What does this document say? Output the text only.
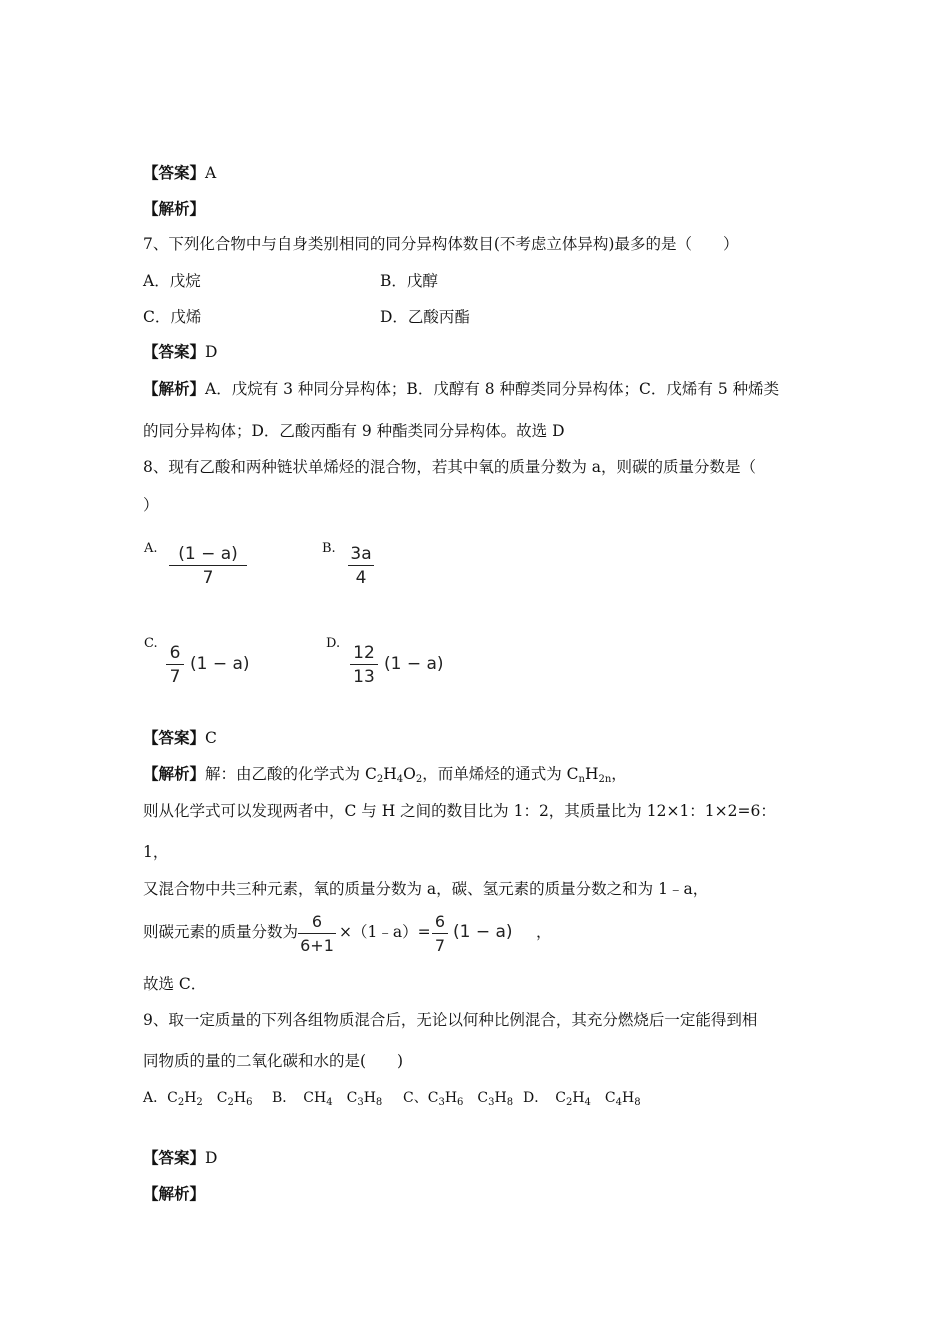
【答案】A
【解析】
7、下列化合物中与自身类别相同的同分异构体数目(不考虑立体异构)最多的是（　　）
A．戊烷	B．戊醇
C．戊烯	D．乙酸丙酯
【答案】D
【解析】A．戊烷有 3 种同分异构体；B．戊醇有 8 种醇类同分异构体；C．戊烯有 5 种烯类
的同分异构体；D．乙酸丙酯有 9 种酯类同分异构体。故选 D
8、现有乙酸和两种链状单烯烃的混合物，若其中氧的质量分数为 a，则碳的质量分数是（
）
A.	(1 − a)
7
B. 3a
4
C. 6
7
(1 − a)
D. 12
13
(1 − a)
【答案】C
【解析】解：由乙酸的化学式为 $C_2H_4O_2$，而单烯烃的通式为 $C_nH_{2n}$，
则从化学式可以发现两者中，C 与 H 之间的数目比为 1：2，其质量比为 12×1：1×2=6：
1，
又混合物中共三种元素，氧的质量分数为 a，碳、氢元素的质量分数之和为 1﹣a，
则碳元素的质量分数为
6
6+1
×（1﹣a）=
6
7
(1 − a) ，
故选 C．
9、取一定质量的下列各组物质混合后，无论以何种比例混合，其充分燃烧后一定能得到相
同物质的量的二氧化碳和水的是(　　)
A．$C_2H_2$　$C_2H_6$ B．　$CH_4$　$C_3H_8$ C、$C_3H_6$　$C_3H_8$ D．　$C_2H_4$　$C_4H_8$
【答案】D
【解析】
